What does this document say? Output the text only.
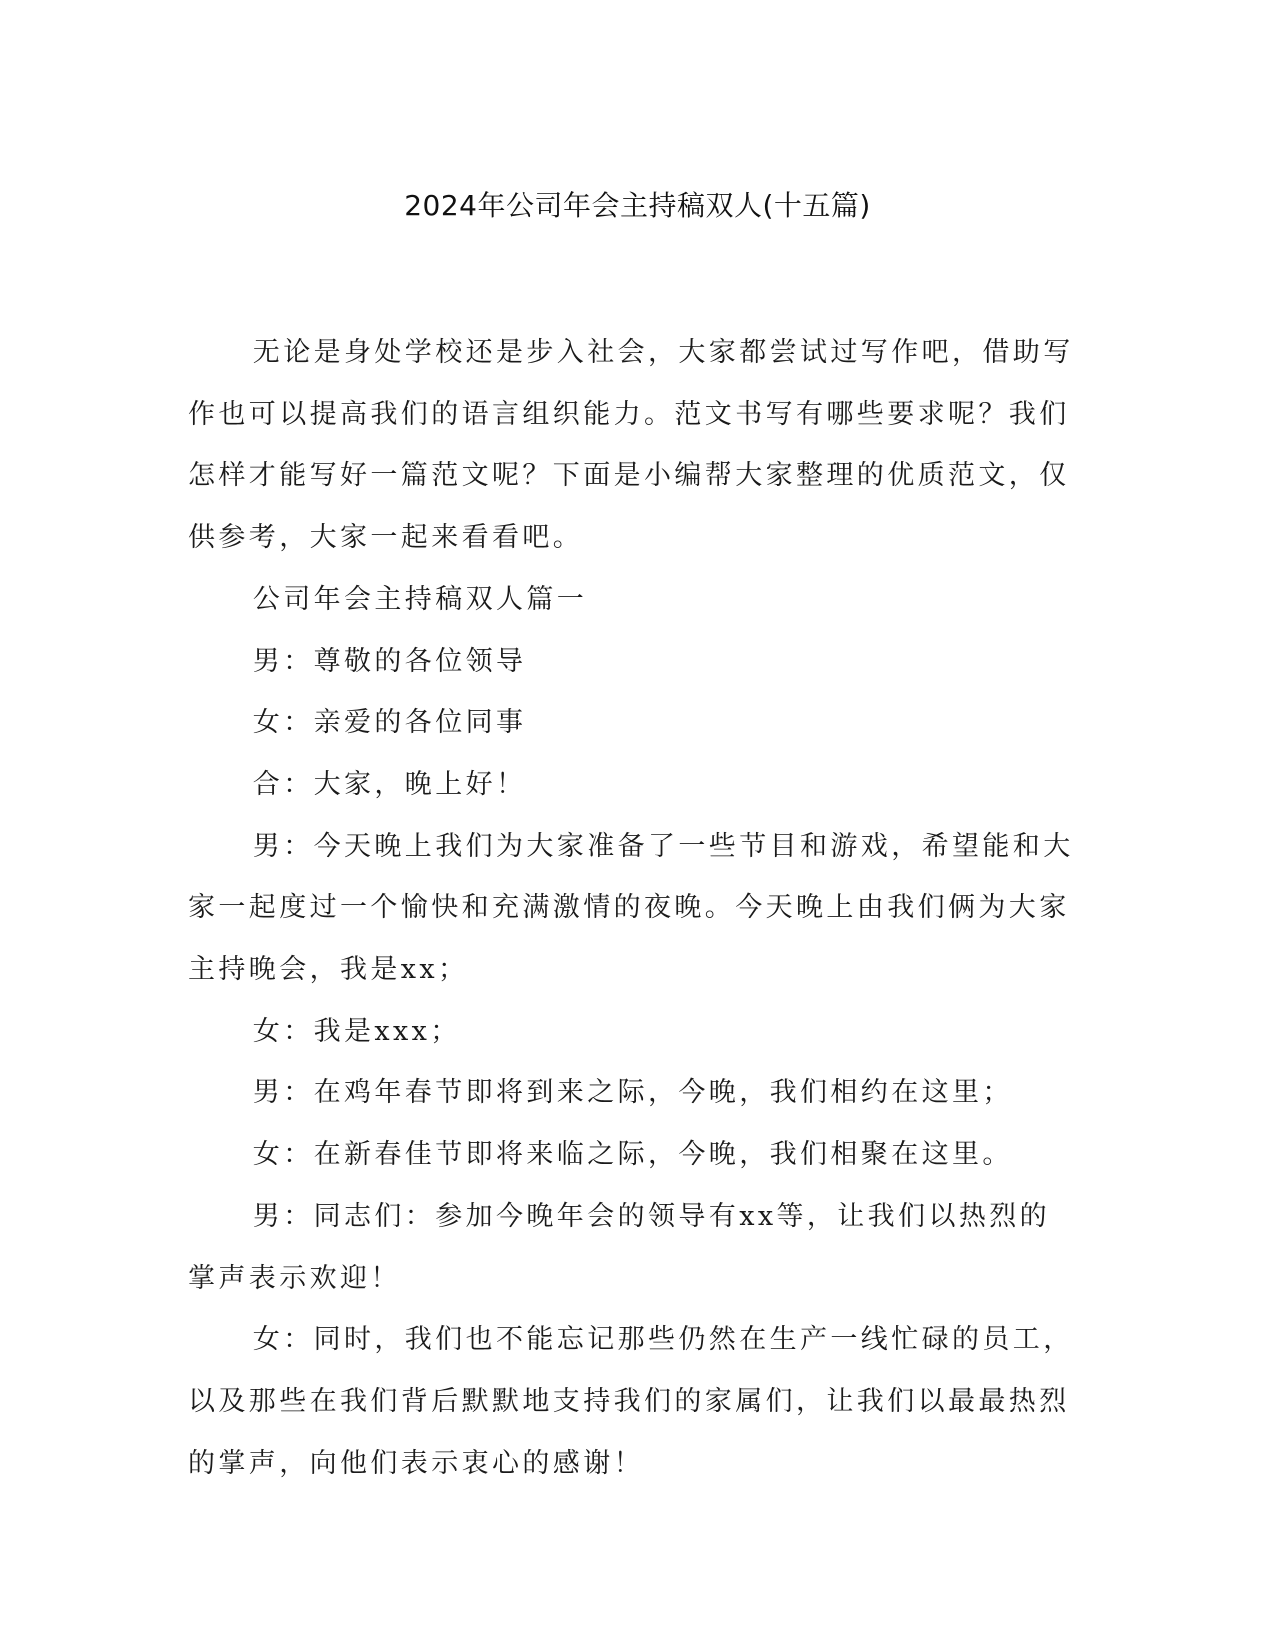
2024年公司年会主持稿双人(十五篇)

无论是身处学校还是步入社会，大家都尝试过写作吧，借助写作也可以提高我们的语言组织能力。范文书写有哪些要求呢？我们怎样才能写好一篇范文呢？下面是小编帮大家整理的优质范文，仅供参考，大家一起来看看吧。

公司年会主持稿双人篇一

男：尊敬的各位领导

女：亲爱的各位同事

合：大家，晚上好！

男：今天晚上我们为大家准备了一些节目和游戏，希望能和大家一起度过一个愉快和充满激情的夜晚。今天晚上由我们俩为大家主持晚会，我是xx；

女：我是xxx；

男：在鸡年春节即将到来之际，今晚，我们相约在这里；

女：在新春佳节即将来临之际，今晚，我们相聚在这里。

男：同志们：参加今晚年会的领导有xx等，让我们以热烈的掌声表示欢迎！

女：同时，我们也不能忘记那些仍然在生产一线忙碌的员工，以及那些在我们背后默默地支持我们的家属们，让我们以最最热烈的掌声，向他们表示衷心的感谢！
